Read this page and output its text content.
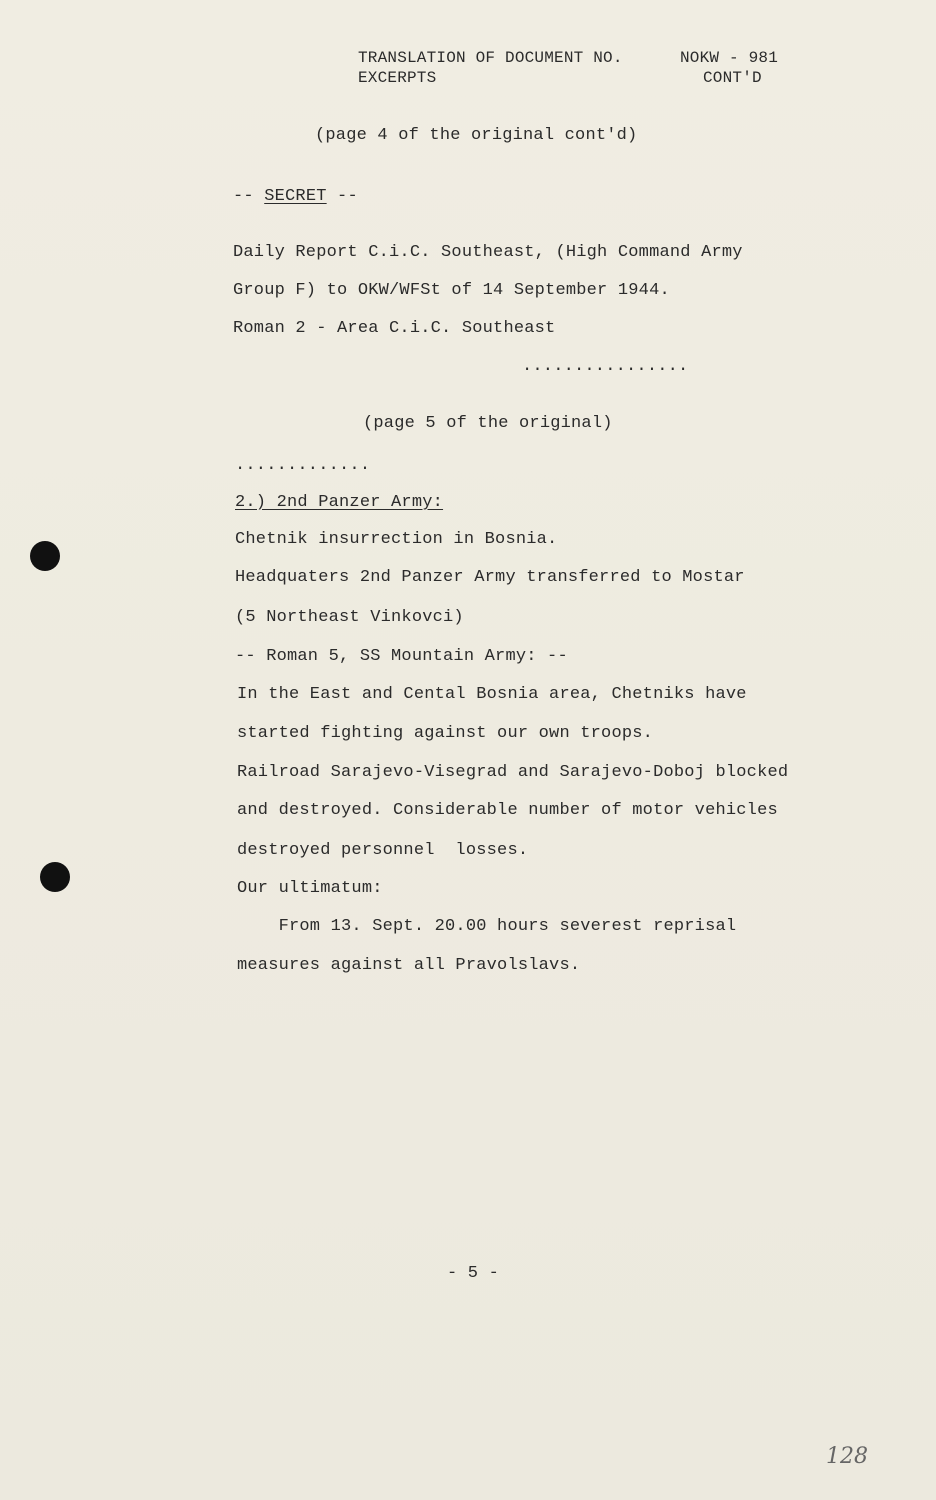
TRANSLATION OF DOCUMENT NO.	NOKW - 981
EXCERPTS	CONT'D
(page 4 of the original cont'd)
-- SECRET --
Daily Report C.i.C. Southeast, (High Command Army
Group F) to OKW/WFSt of 14 September 1944.
Roman 2 - Area C.i.C. Southeast
................
(page 5 of the original)
.............
2.) 2nd Panzer Army:
Chetnik insurrection in Bosnia.
Headquaters 2nd Panzer Army transferred to Mostar
(5 Northeast Vinkovci)
-- Roman 5, SS Mountain Army: --
In the East and Cental Bosnia area, Chetniks have
started fighting against our own troops.
Railroad Sarajevo-Visegrad and Sarajevo-Doboj blocked
and destroyed. Considerable number of motor vehicles
destroyed personnel  losses.
Our ultimatum:
From 13. Sept. 20.00 hours severest reprisal
measures against all Pravolslavs.
- 5 -
128
